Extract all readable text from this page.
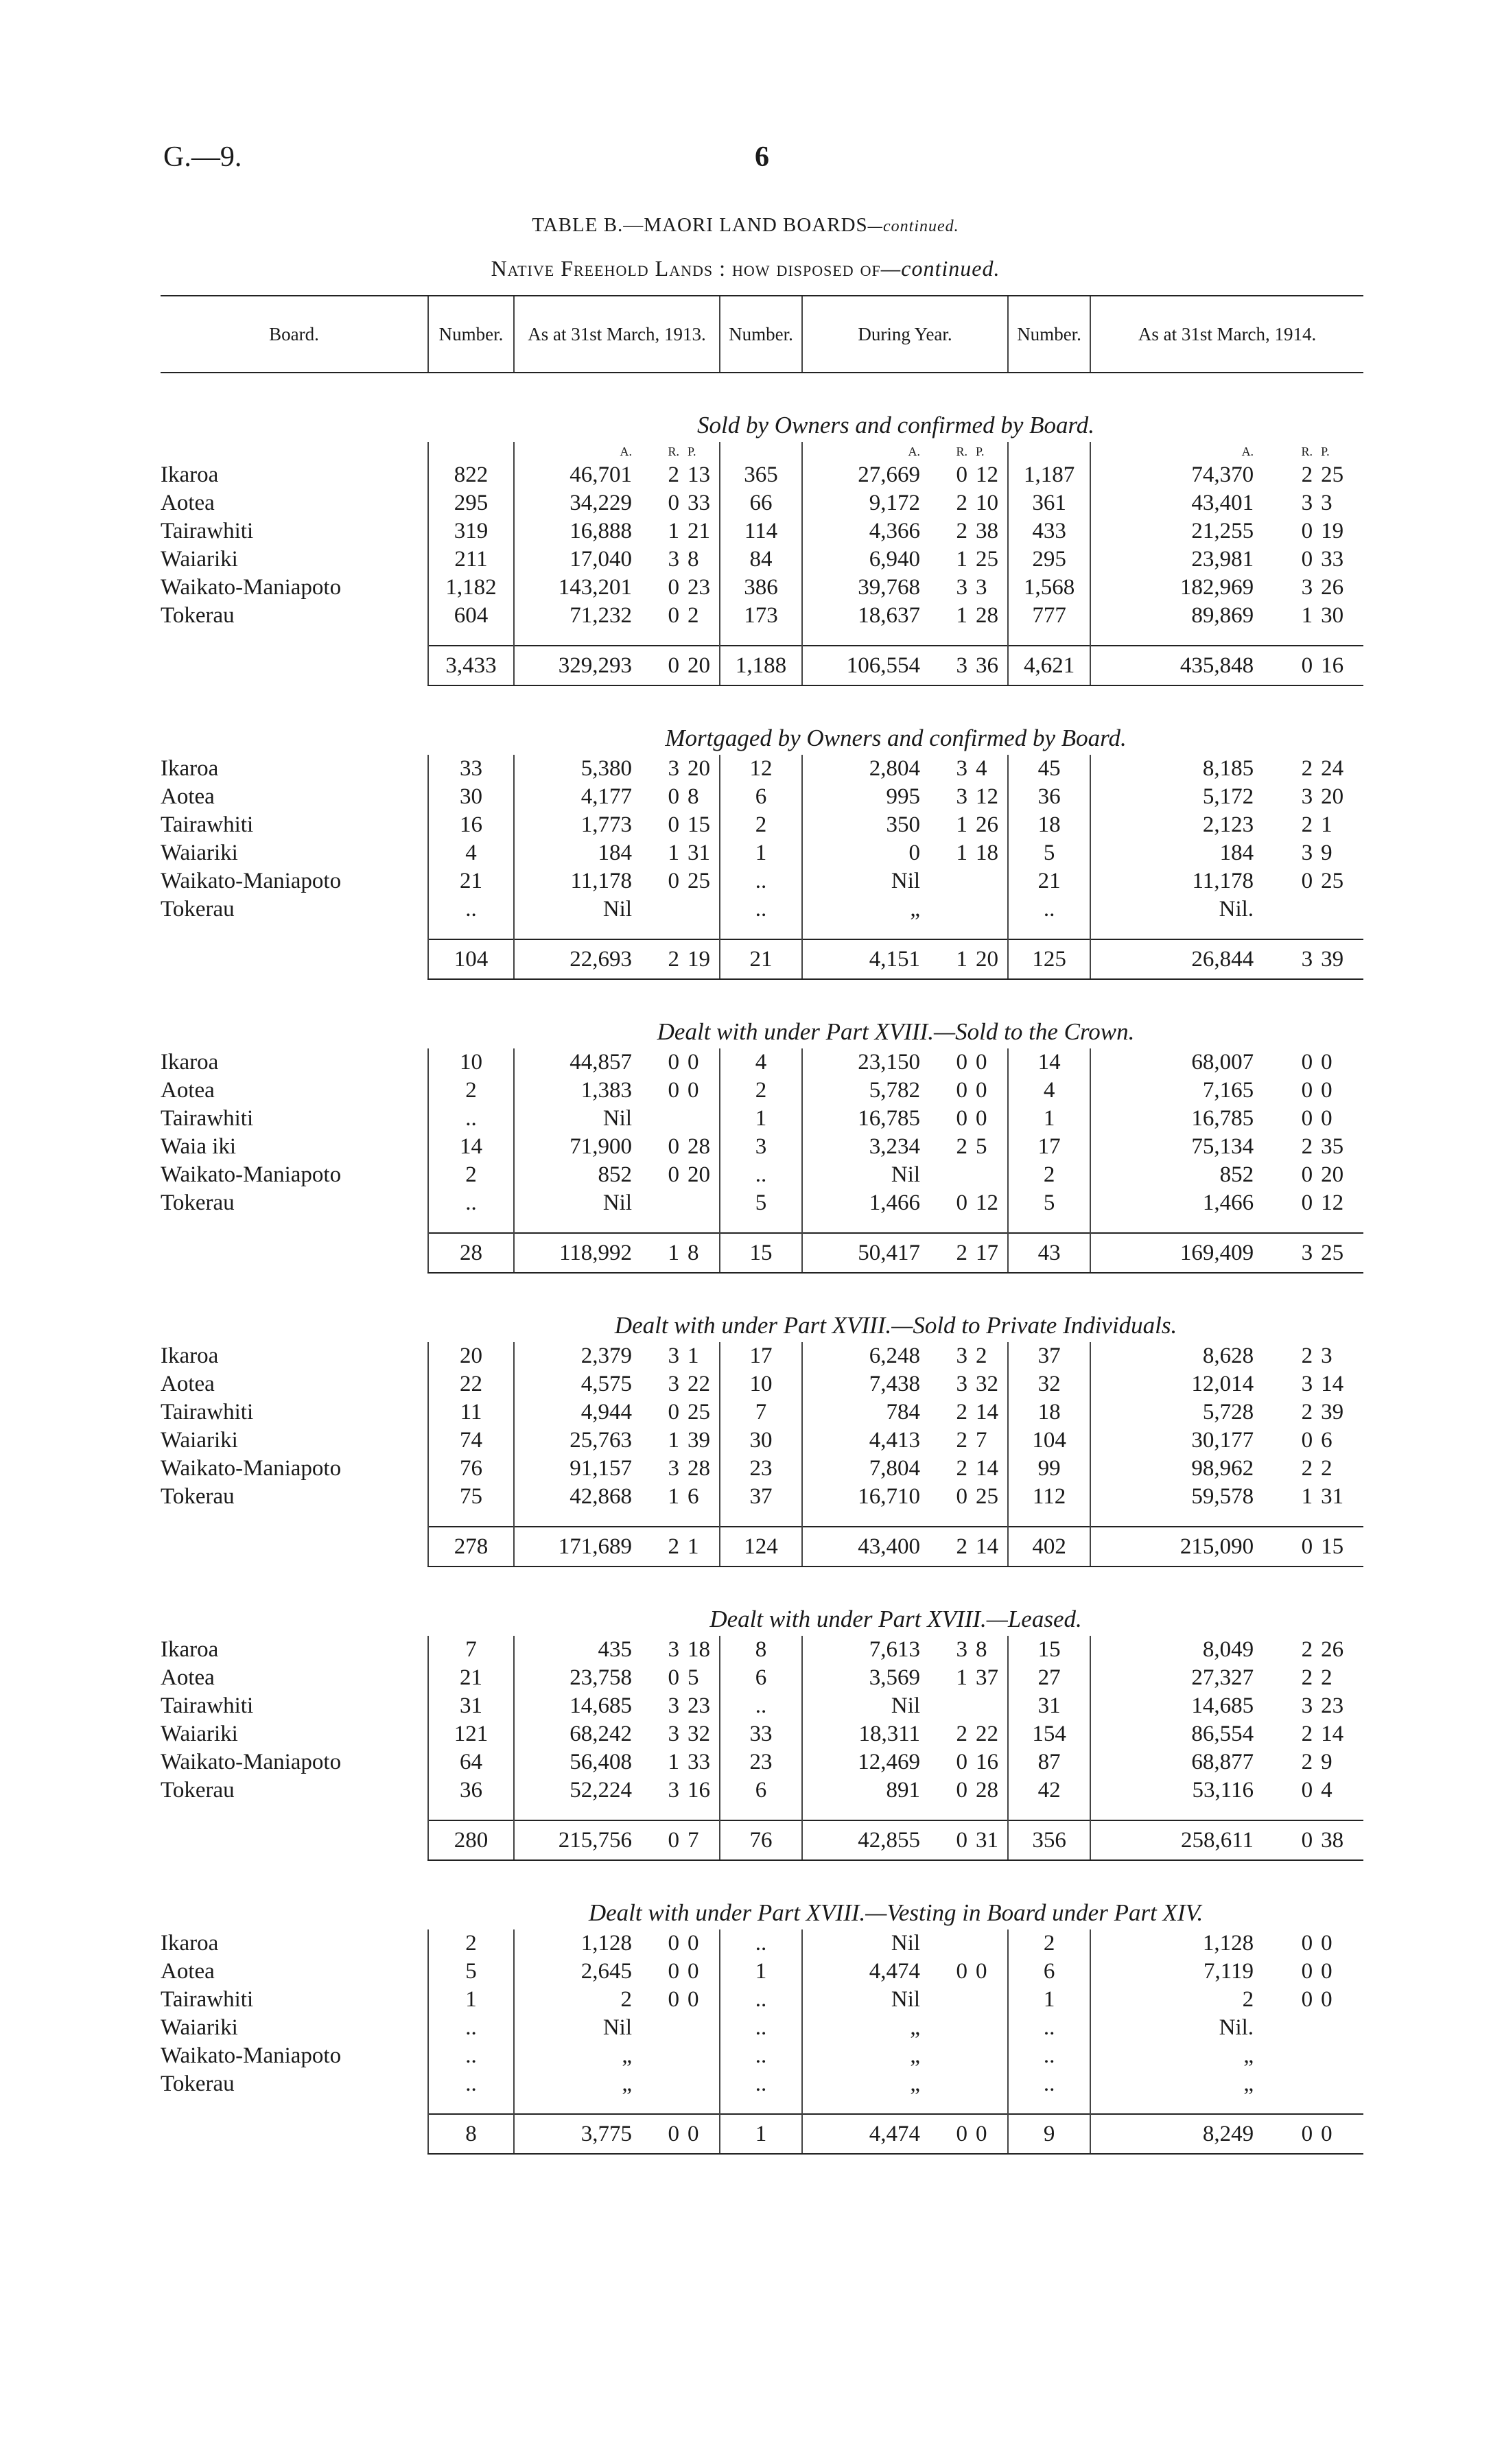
G.—9.	6
TABLE B.—MAORI LAND BOARDS—continued.
Native Freehold Lands : how disposed of—continued.
Board.	Number.	As at 31st March, 1913.			Number.	During Year.			Number.	As at 31st March, 1914.		
	Sold by Owners and confirmed by Board.											
		A.	R.	P.		A.	R.	P.		A.	R.	P.
Ikaroa	822	46,701	2	13	365	27,669	0	12	1,187	74,370	2	25
Aotea	295	34,229	0	33	66	9,172	2	10	361	43,401	3	3
Tairawhiti	319	16,888	1	21	114	4,366	2	38	433	21,255	0	19
Waiariki	211	17,040	3	8	84	6,940	1	25	295	23,981	0	33
Waikato-Maniapoto	1,182	143,201	0	23	386	39,768	3	3	1,568	182,969	3	26
Tokerau	604	71,232	0	2	173	18,637	1	28	777	89,869	1	30

	3,433	329,293	0	20	1,188	106,554	3	36	4,621	435,848	0	16
	Mortgaged by Owners and confirmed by Board.											
Ikaroa	33	5,380	3	20	12	2,804	3	4	45	8,185	2	24
Aotea	30	4,177	0	8	6	995	3	12	36	5,172	3	20
Tairawhiti	16	1,773	0	15	2	350	1	26	18	2,123	2	1
Waiariki	4	184	1	31	1	0	1	18	5	184	3	9
Waikato-Maniapoto	21	11,178	0	25	..	Nil			21	11,178	0	25
Tokerau	..	Nil			..	„			..	Nil.		

	104	22,693	2	19	21	4,151	1	20	125	26,844	3	39
	Dealt with under Part XVIII.—Sold to the Crown.											
Ikaroa	10	44,857	0	0	4	23,150	0	0	14	68,007	0	0
Aotea	2	1,383	0	0	2	5,782	0	0	4	7,165	0	0
Tairawhiti	..	Nil			1	16,785	0	0	1	16,785	0	0
Waia iki	14	71,900	0	28	3	3,234	2	5	17	75,134	2	35
Waikato-Maniapoto	2	852	0	20	..	Nil			2	852	0	20
Tokerau	..	Nil			5	1,466	0	12	5	1,466	0	12

	28	118,992	1	8	15	50,417	2	17	43	169,409	3	25
	Dealt with under Part XVIII.—Sold to Private Individuals.											
Ikaroa	20	2,379	3	1	17	6,248	3	2	37	8,628	2	3
Aotea	22	4,575	3	22	10	7,438	3	32	32	12,014	3	14
Tairawhiti	11	4,944	0	25	7	784	2	14	18	5,728	2	39
Waiariki	74	25,763	1	39	30	4,413	2	7	104	30,177	0	6
Waikato-Maniapoto	76	91,157	3	28	23	7,804	2	14	99	98,962	2	2
Tokerau	75	42,868	1	6	37	16,710	0	25	112	59,578	1	31

	278	171,689	2	1	124	43,400	2	14	402	215,090	0	15
	Dealt with under Part XVIII.—Leased.											
Ikaroa	7	435	3	18	8	7,613	3	8	15	8,049	2	26
Aotea	21	23,758	0	5	6	3,569	1	37	27	27,327	2	2
Tairawhiti	31	14,685	3	23	..	Nil			31	14,685	3	23
Waiariki	121	68,242	3	32	33	18,311	2	22	154	86,554	2	14
Waikato-Maniapoto	64	56,408	1	33	23	12,469	0	16	87	68,877	2	9
Tokerau	36	52,224	3	16	6	891	0	28	42	53,116	0	4

	280	215,756	0	7	76	42,855	0	31	356	258,611	0	38
	Dealt with under Part XVIII.—Vesting in Board under Part XIV.											
Ikaroa	2	1,128	0	0	..	Nil			2	1,128	0	0
Aotea	5	2,645	0	0	1	4,474	0	0	6	7,119	0	0
Tairawhiti	1	2	0	0	..	Nil			1	2	0	0
Waiariki	..	Nil			..	„			..	Nil.		
Waikato-Maniapoto	..	„			..	„			..	„		
Tokerau	..	„			..	„			..	„		

	8	3,775	0	0	1	4,474	0	0	9	8,249	0	0
